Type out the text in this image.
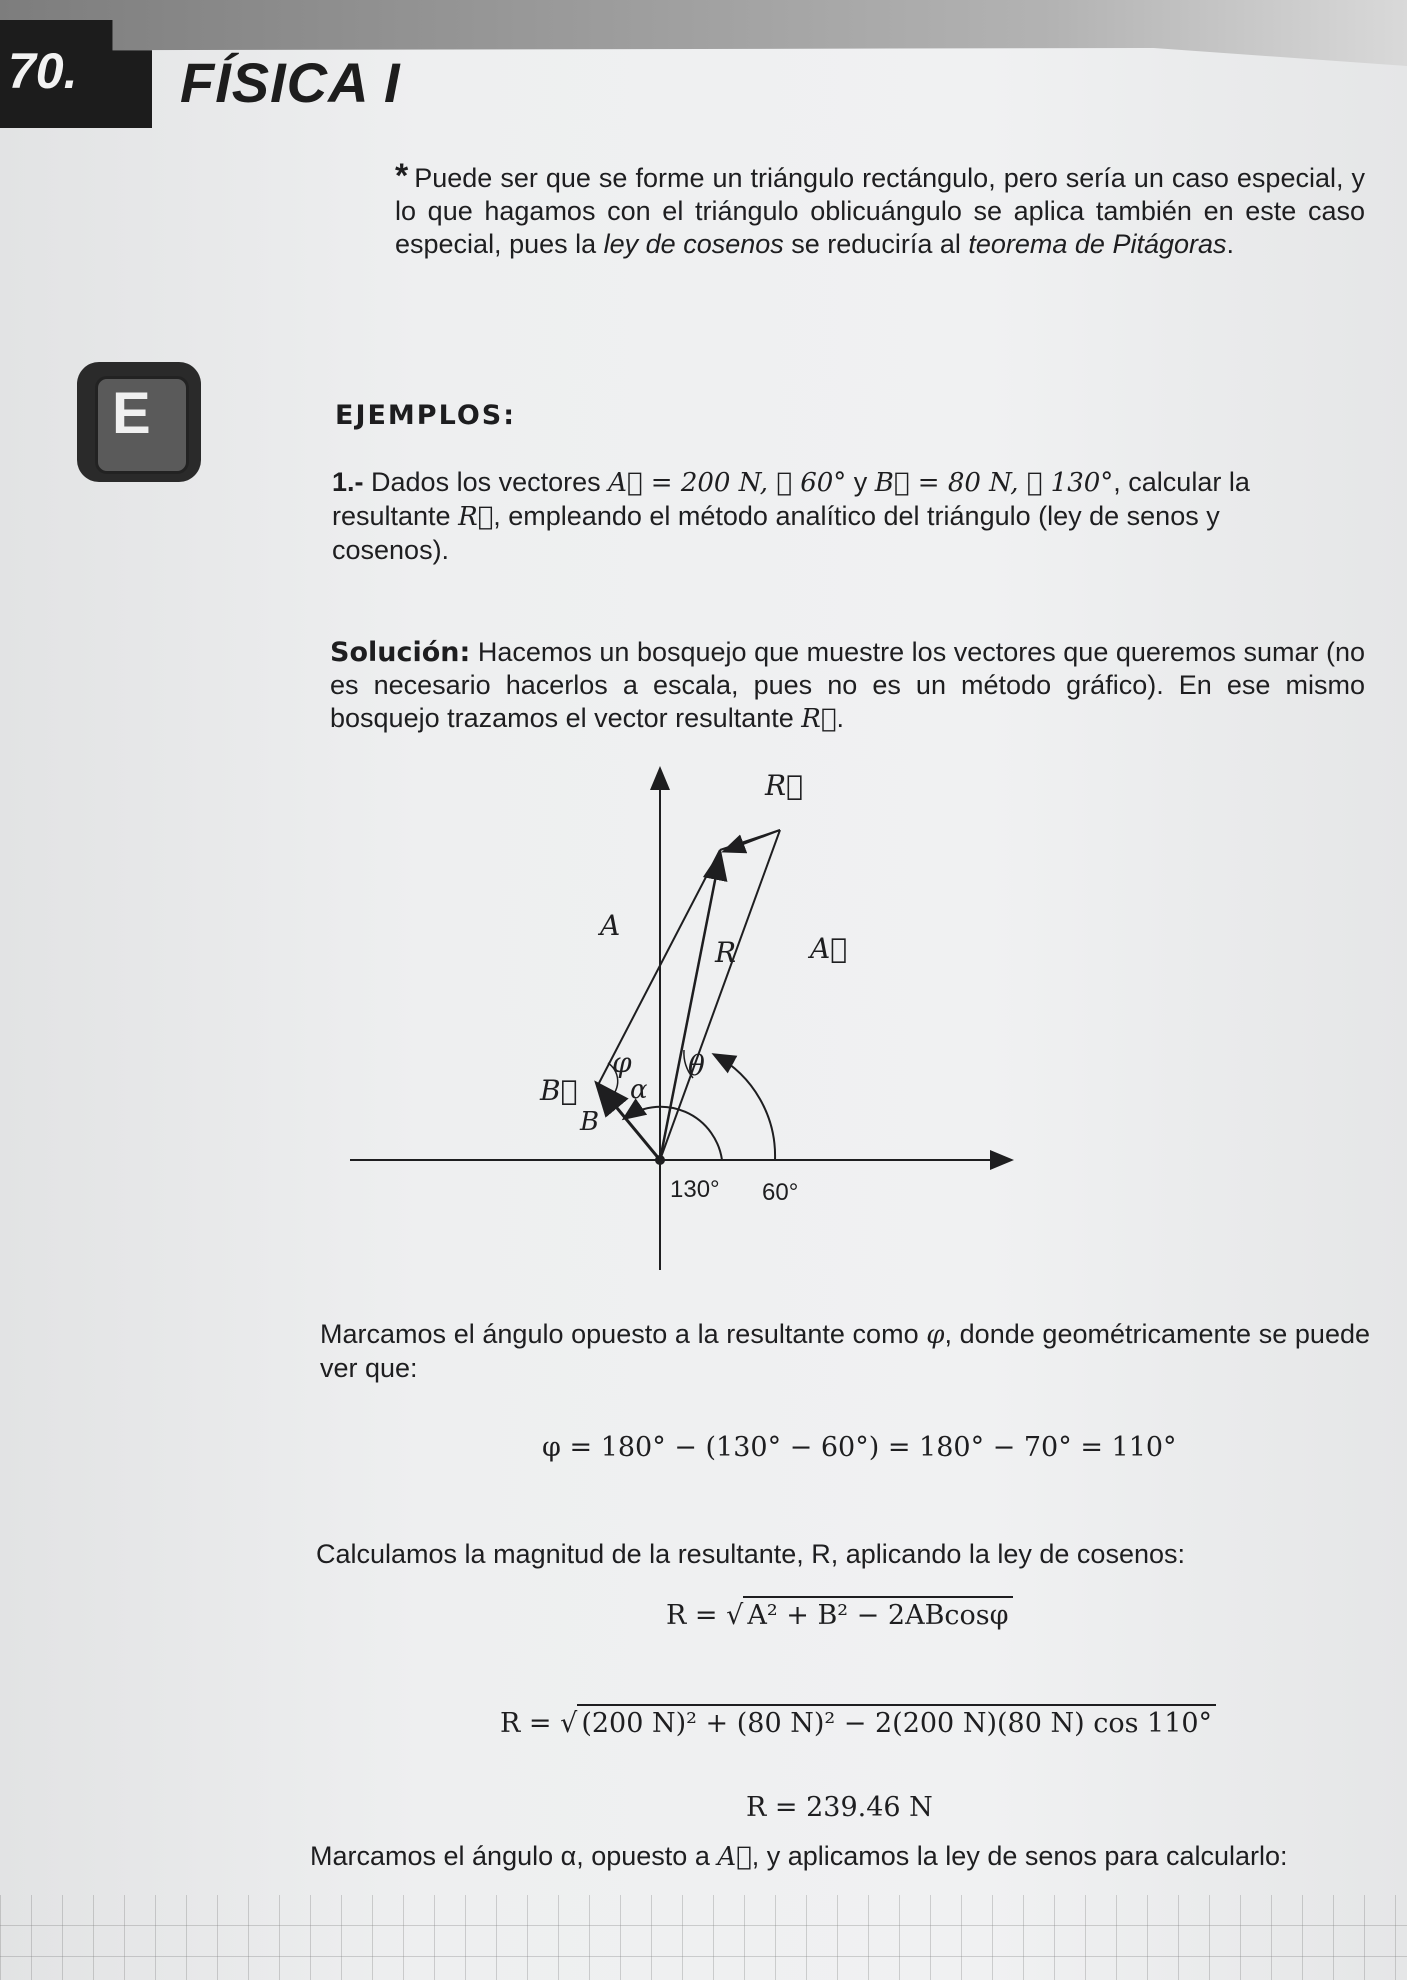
70. FÍSICA I

* Puede ser que se forme un triángulo rectángulo, pero sería un caso especial, y lo que hagamos con el triángulo oblicuángulo se aplica también en este caso especial, pues la ley de cosenos se reduciría al teorema de Pitágoras.

E	EJEMPLOS:

1.- Dados los vectores A⃗ = 200 N, ∡ 60° y B⃗ = 80 N, ∡ 130°, calcular la resultante R⃗, empleando el método analítico del triángulo (ley de senos y cosenos).

Solución: Hacemos un bosquejo que muestre los vectores que queremos sumar (no es necesario hacerlos a escala, pues no es un método gráfico). En ese mismo bosquejo trazamos el vector resultante R⃗.

R⃗
A
R	A⃗
φ θ
B⃗ α
B
130° 60°

Marcamos el ángulo opuesto a la resultante como φ, donde geométricamente se puede ver que:

φ = 180° − (130° − 60°) = 180° − 70° = 110°

Calculamos la magnitud de la resultante, R, aplicando la ley de cosenos:

R = √ A² + B² − 2ABcosφ
R = √ (200 N)² + (80 N)² − 2(200 N)(80 N) cos 110°
R = 239.46 N

Marcamos el ángulo α, opuesto a A⃗, y aplicamos la ley de senos para calcularlo:
